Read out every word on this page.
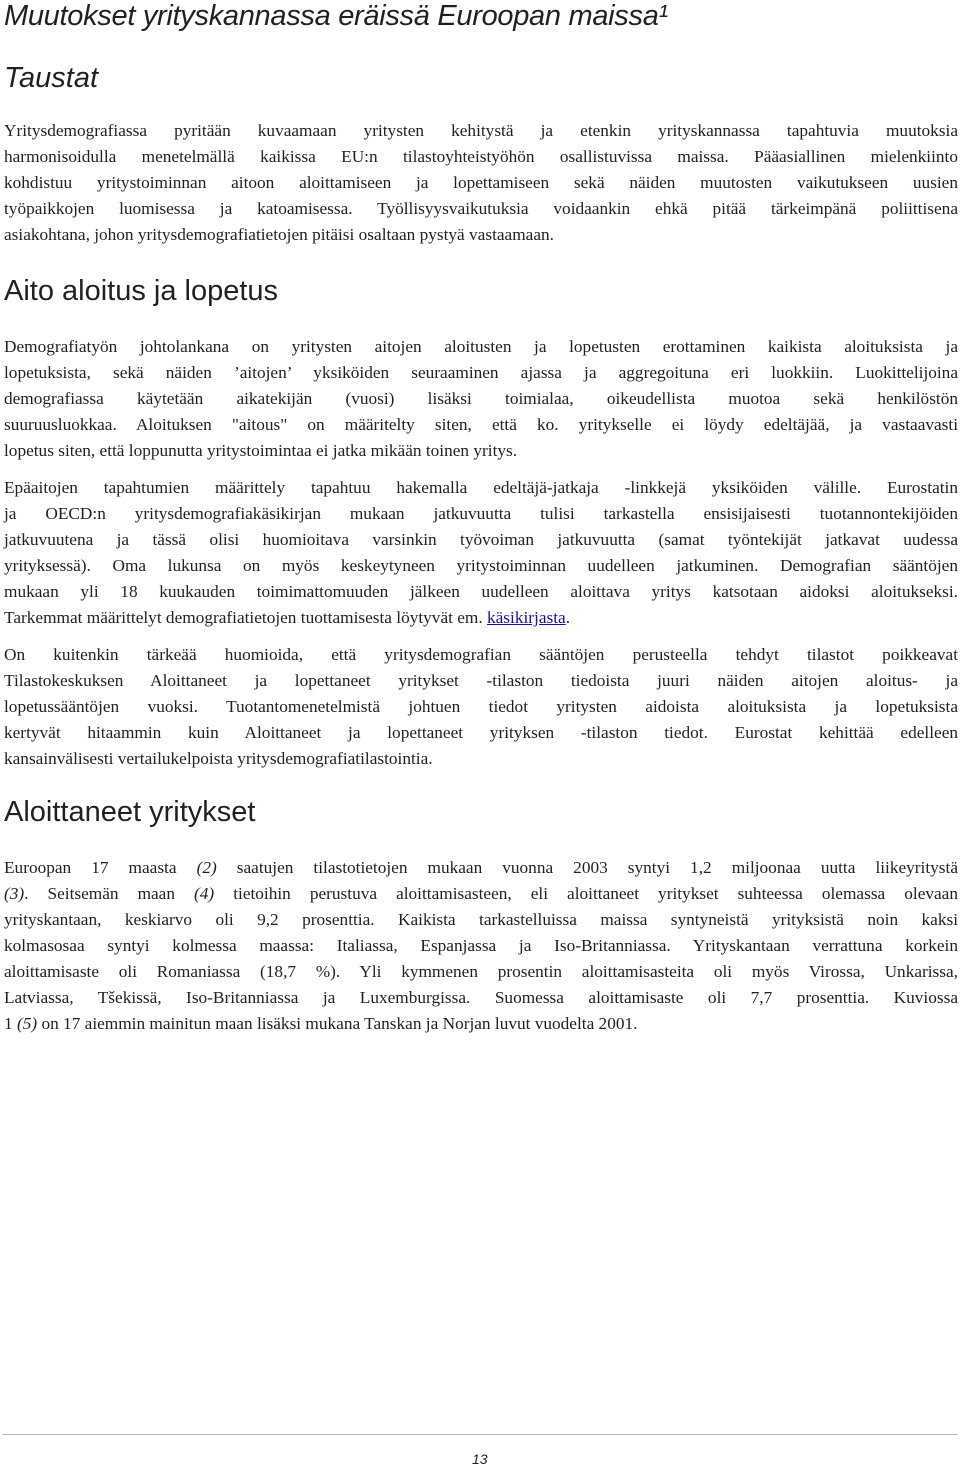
Muutokset yrityskannassa eräissä Euroopan maissa¹
Taustat
Yritysdemografiassa pyritään kuvaamaan yritysten kehitystä ja etenkin yrityskannassa tapahtuvia muutoksia
harmonisoidulla menetelmällä kaikissa EU:n tilastoyhteistyöhön osallistuvissa maissa. Pääasiallinen mielenkiinto
kohdistuu yritystoiminnan aitoon aloittamiseen ja lopettamiseen sekä näiden muutosten vaikutukseen uusien
työpaikkojen luomisessa ja katoamisessa. Työllisyysvaikutuksia voidaankin ehkä pitää tärkeimpänä poliittisena
asiakohtana, johon yritysdemografiatietojen pitäisi osaltaan pystyä vastaamaan.
Aito aloitus ja lopetus
Demografiatyön johtolankana on yritysten aitojen aloitusten ja lopetusten erottaminen kaikista aloituksista ja
lopetuksista, sekä näiden ’aitojen’ yksiköiden seuraaminen ajassa ja aggregoituna eri luokkiin. Luokittelijoina
demografiassa käytetään aikatekijän (vuosi) lisäksi toimialaa, oikeudellista muotoa sekä henkilöstön
suuruusluokkaa. Aloituksen "aitous" on määritelty siten, että ko. yritykselle ei löydy edeltäjää, ja vastaavasti
lopetus siten, että loppunutta yritystoimintaa ei jatka mikään toinen yritys.
Epäaitojen tapahtumien määrittely tapahtuu hakemalla edeltäjä-jatkaja -linkkejä yksiköiden välille. Eurostatin
ja OECD:n yritysdemografiakäsikirjan mukaan jatkuvuutta tulisi tarkastella ensisijaisesti tuotannontekijöiden
jatkuvuutena ja tässä olisi huomioitava varsinkin työvoiman jatkuvuutta (samat työntekijät jatkavat uudessa
yrityksessä). Oma lukunsa on myös keskeytyneen yritystoiminnan uudelleen jatkuminen. Demografian sääntöjen
mukaan yli 18 kuukauden toimimattomuuden jälkeen uudelleen aloittava yritys katsotaan aidoksi aloitukseksi.
Tarkemmat määrittelyt demografiatietojen tuottamisesta löytyvät em. käsikirjasta.
On kuitenkin tärkeää huomioida, että yritysdemografian sääntöjen perusteella tehdyt tilastot poikkeavat
Tilastokeskuksen Aloittaneet ja lopettaneet yritykset -tilaston tiedoista juuri näiden aitojen aloitus- ja
lopetussääntöjen vuoksi. Tuotantomenetelmistä johtuen tiedot yritysten aidoista aloituksista ja lopetuksista
kertyvät hitaammin kuin Aloittaneet ja lopettaneet yrityksen -tilaston tiedot. Eurostat kehittää edelleen
kansainvälisesti vertailukelpoista yritysdemografiatilastointia.
Aloittaneet yritykset
Euroopan 17 maasta (2) saatujen tilastotietojen mukaan vuonna 2003 syntyi 1,2 miljoonaa uutta liikeyritystä
(3). Seitsemän maan (4) tietoihin perustuva aloittamisasteen, eli aloittaneet yritykset suhteessa olemassa olevaan
yrityskantaan, keskiarvo oli 9,2 prosenttia. Kaikista tarkastelluissa maissa syntyneistä yrityksistä noin kaksi
kolmasosaa syntyi kolmessa maassa: Italiassa, Espanjassa ja Iso-Britanniassa. Yrityskantaan verrattuna korkein
aloittamisaste oli Romaniassa (18,7 %). Yli kymmenen prosentin aloittamisasteita oli myös Virossa, Unkarissa,
Latviassa, Tšekissä, Iso-Britanniassa ja Luxemburgissa. Suomessa aloittamisaste oli 7,7 prosenttia. Kuviossa
1 (5) on 17 aiemmin mainitun maan lisäksi mukana Tanskan ja Norjan luvut vuodelta 2001.
13
